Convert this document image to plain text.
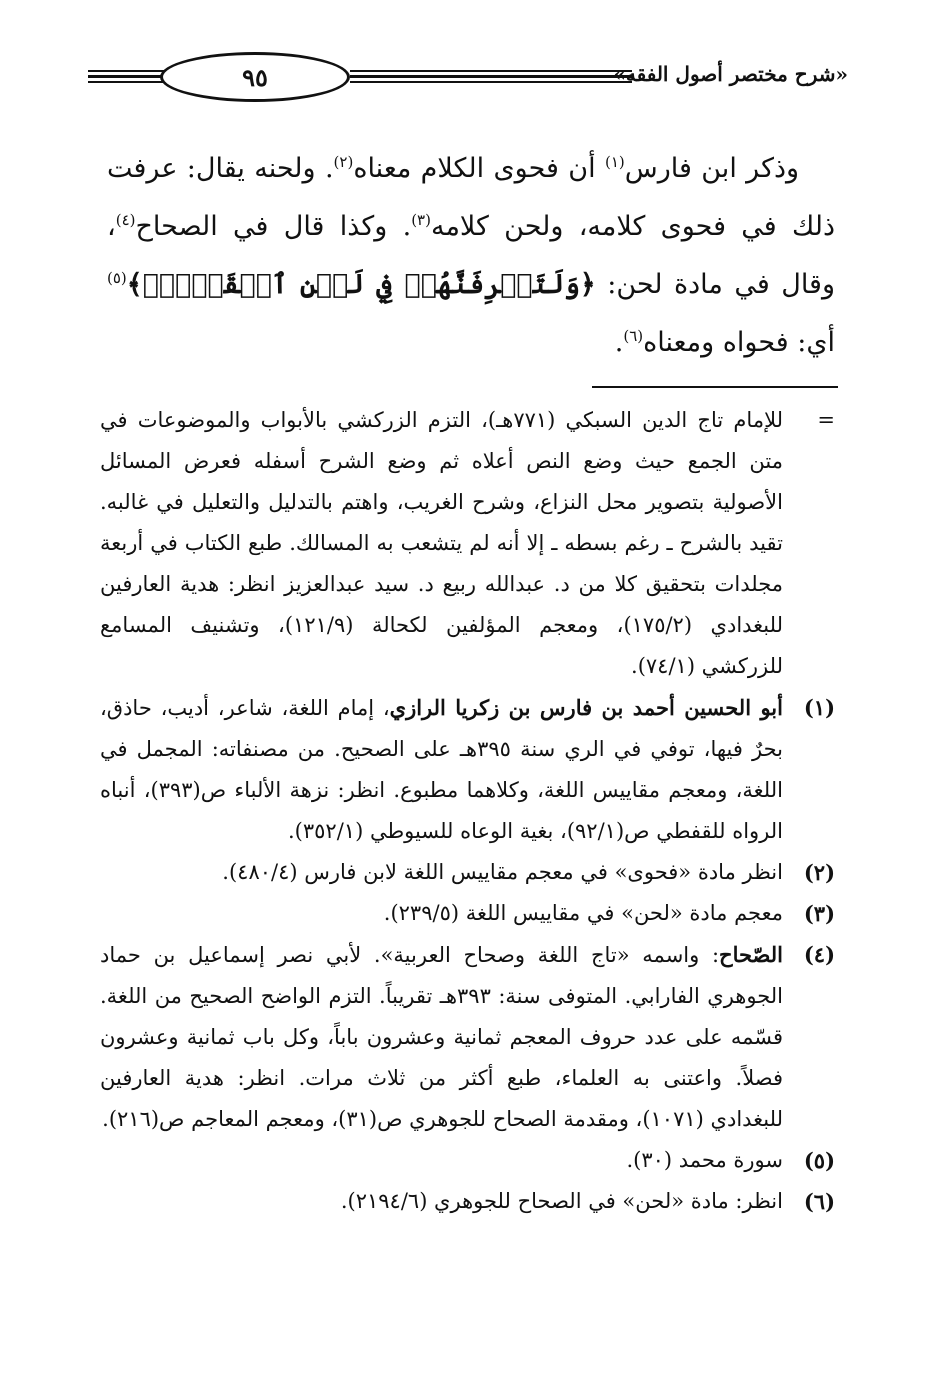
٩٥	«شرح مختصر أصول الفقه»

وذكر ابن فارس$^{(١)}$ أن فحوى الكلام معناه$^{(٢)}$. ولحنه يقال: عرفت ذلك في فحوى كلامه، ولحن كلامه$^{(٣)}$. وكذا قال في الصحاح$^{(٤)}$، وقال في مادة لحن: ﴿وَلَتَعۡرِفَنَّهُمۡ فِي لَحۡنِ ٱلۡقَوۡلِۚ﴾$^{(٥)}$ أي: فحواه ومعناه$^{(٦)}$.

=
للإمام تاج الدين السبكي (٧٧١هـ)، التزم الزركشي بالأبواب والموضوعات في متن الجمع حيث وضع النص أعلاه ثم وضع الشرح أسفله فعرض المسائل الأصولية بتصوير محل النزاع، وشرح الغريب، واهتم بالتدليل والتعليل في غالبه. تقيد بالشرح ـ رغم بسطه ـ إلا أنه لم يتشعب به المسالك. طبع الكتاب في أربعة مجلدات بتحقيق كلا من د. عبدالله ربيع د. سيد عبدالعزيز انظر: هدية العارفين للبغدادي (١٧٥/٢)، ومعجم المؤلفين لكحالة (١٢١/٩)، وتشنيف المسامع للزركشي (٧٤/١).
(١)
أبو الحسين أحمد بن فارس بن زكريا الرازي، إمام اللغة، شاعر، أديب، حاذق، بحرٌ فيها، توفي في الري سنة ٣٩٥هـ على الصحيح. من مصنفاته: المجمل في اللغة، ومعجم مقاييس اللغة، وكلاهما مطبوع. انظر: نزهة الألباء ص(٣٩٣)، أنباه الرواه للقفطي ص(٩٢/١)، بغية الوعاه للسيوطي (٣٥٢/١).
(٢)
انظر مادة «فحوى» في معجم مقاييس اللغة لابن فارس (٤٨٠/٤).
(٣)
معجم مادة «لحن» في مقاييس اللغة (٢٣٩/٥).
(٤)
الصّحاح: واسمه «تاج اللغة وصحاح العربية». لأبي نصر إسماعيل بن حماد الجوهري الفارابي. المتوفى سنة: ٣٩٣هـ تقريباً. التزم الواضح الصحيح من اللغة. قسّمه على عدد حروف المعجم ثمانية وعشرون باباً، وكل باب ثمانية وعشرون فصلاً. واعتنى به العلماء، طبع أكثر من ثلاث مرات. انظر: هدية العارفين للبغدادي (١٠٧١)، ومقدمة الصحاح للجوهري ص(٣١)، ومعجم المعاجم ص(٢١٦).
(٥)
سورة محمد (٣٠).
(٦)
انظر: مادة «لحن» في الصحاح للجوهري (٢١٩٤/٦).
